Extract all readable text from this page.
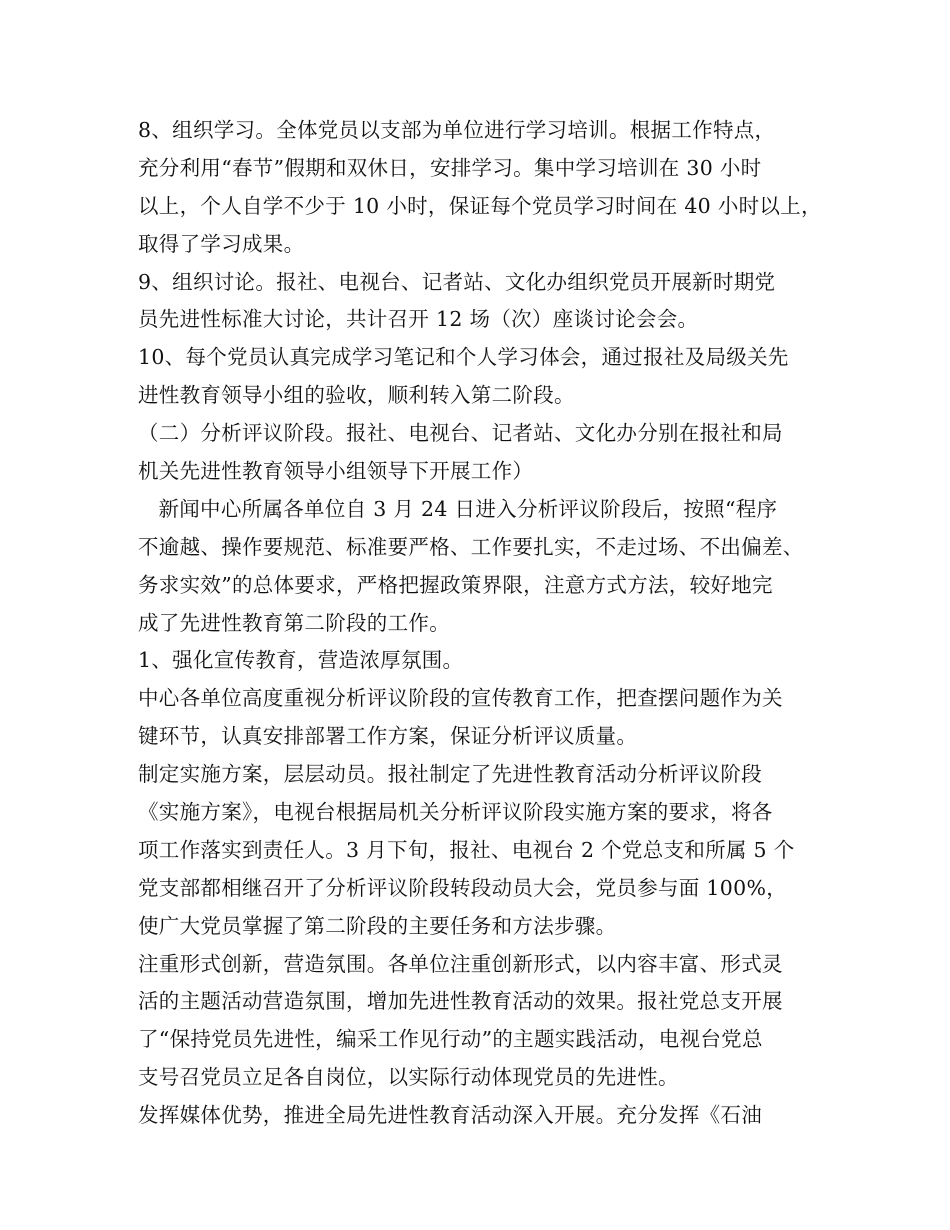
8、组织学习。全体党员以支部为单位进行学习培训。根据工作特点，
充分利用“春节”假期和双休日，安排学习。集中学习培训在 30 小时
以上，个人自学不少于 10 小时，保证每个党员学习时间在 40 小时以上，
取得了学习成果。
9、组织讨论。报社、电视台、记者站、文化办组织党员开展新时期党
员先进性标准大讨论，共计召开 12 场（次）座谈讨论会会。
10、每个党员认真完成学习笔记和个人学习体会，通过报社及局级关先
进性教育领导小组的验收，顺利转入第二阶段。
（二）分析评议阶段。报社、电视台、记者站、文化办分别在报社和局
机关先进性教育领导小组领导下开展工作）
新闻中心所属各单位自 3 月 24 日进入分析评议阶段后，按照“程序
不逾越、操作要规范、标准要严格、工作要扎实，不走过场、不出偏差、
务求实效”的总体要求，严格把握政策界限，注意方式方法，较好地完
成了先进性教育第二阶段的工作。
1、强化宣传教育，营造浓厚氛围。
中心各单位高度重视分析评议阶段的宣传教育工作，把查摆问题作为关
键环节，认真安排部署工作方案，保证分析评议质量。
制定实施方案，层层动员。报社制定了先进性教育活动分析评议阶段
《实施方案》，电视台根据局机关分析评议阶段实施方案的要求，将各
项工作落实到责任人。3 月下旬，报社、电视台 2 个党总支和所属 5 个
党支部都相继召开了分析评议阶段转段动员大会，党员参与面 100%，
使广大党员掌握了第二阶段的主要任务和方法步骤。
注重形式创新，营造氛围。各单位注重创新形式，以内容丰富、形式灵
活的主题活动营造氛围，增加先进性教育活动的效果。报社党总支开展
了“保持党员先进性，编采工作见行动”的主题实践活动，电视台党总
支号召党员立足各自岗位，以实际行动体现党员的先进性。
发挥媒体优势，推进全局先进性教育活动深入开展。充分发挥《石油
